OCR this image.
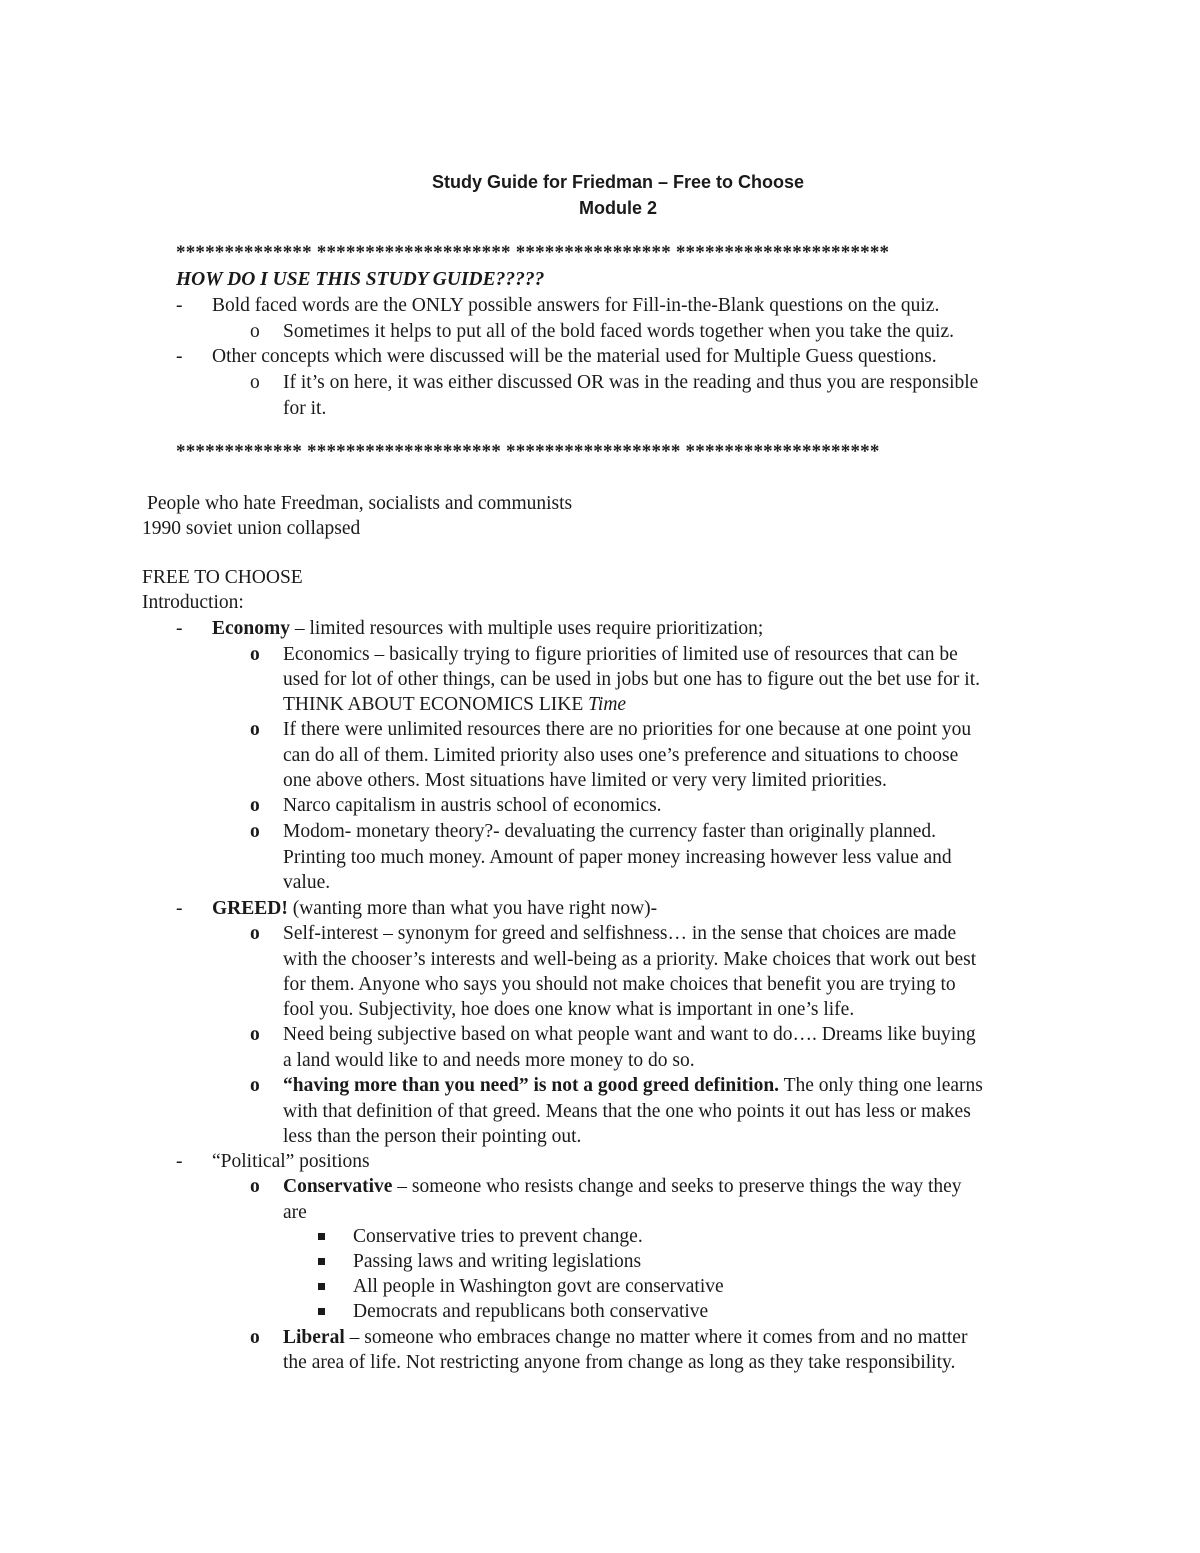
Study Guide for Friedman – Free to Choose
Module 2
************** ******************** **************** **********************
HOW DO I USE THIS STUDY GUIDE?????
- Bold faced words are the ONLY possible answers for Fill-in-the-Blank questions on the quiz.
o Sometimes it helps to put all of the bold faced words together when you take the quiz.
- Other concepts which were discussed will be the material used for Multiple Guess questions.
o If it’s on here, it was either discussed OR was in the reading and thus you are responsible
for it.
************* ******************** ****************** ********************
People who hate Freedman, socialists and communists
1990 soviet union collapsed
FREE TO CHOOSE
Introduction:
- Economy – limited resources with multiple uses require prioritization;
o Economics – basically trying to figure priorities of limited use of resources that can be
used for lot of other things, can be used in jobs but one has to figure out the bet use for it.
THINK ABOUT ECONOMICS LIKE Time
o If there were unlimited resources there are no priorities for one because at one point you
can do all of them. Limited priority also uses one’s preference and situations to choose
one above others. Most situations have limited or very very limited priorities.
o Narco capitalism in austris school of economics.
o Modom- monetary theory?- devaluating the currency faster than originally planned.
Printing too much money. Amount of paper money increasing however less value and
value.
- GREED! (wanting more than what you have right now)-
o Self-interest – synonym for greed and selfishness… in the sense that choices are made
with the chooser’s interests and well-being as a priority. Make choices that work out best
for them. Anyone who says you should not make choices that benefit you are trying to
fool you. Subjectivity, hoe does one know what is important in one’s life.
o Need being subjective based on what people want and want to do…. Dreams like buying
a land would like to and needs more money to do so.
o “having more than you need” is not a good greed definition. The only thing one learns
with that definition of that greed. Means that the one who points it out has less or makes
less than the person their pointing out.
- “Political” positions
o Conservative – someone who resists change and seeks to preserve things the way they
are
Conservative tries to prevent change.
Passing laws and writing legislations
All people in Washington govt are conservative
Democrats and republicans both conservative
o Liberal – someone who embraces change no matter where it comes from and no matter
the area of life. Not restricting anyone from change as long as they take responsibility.
